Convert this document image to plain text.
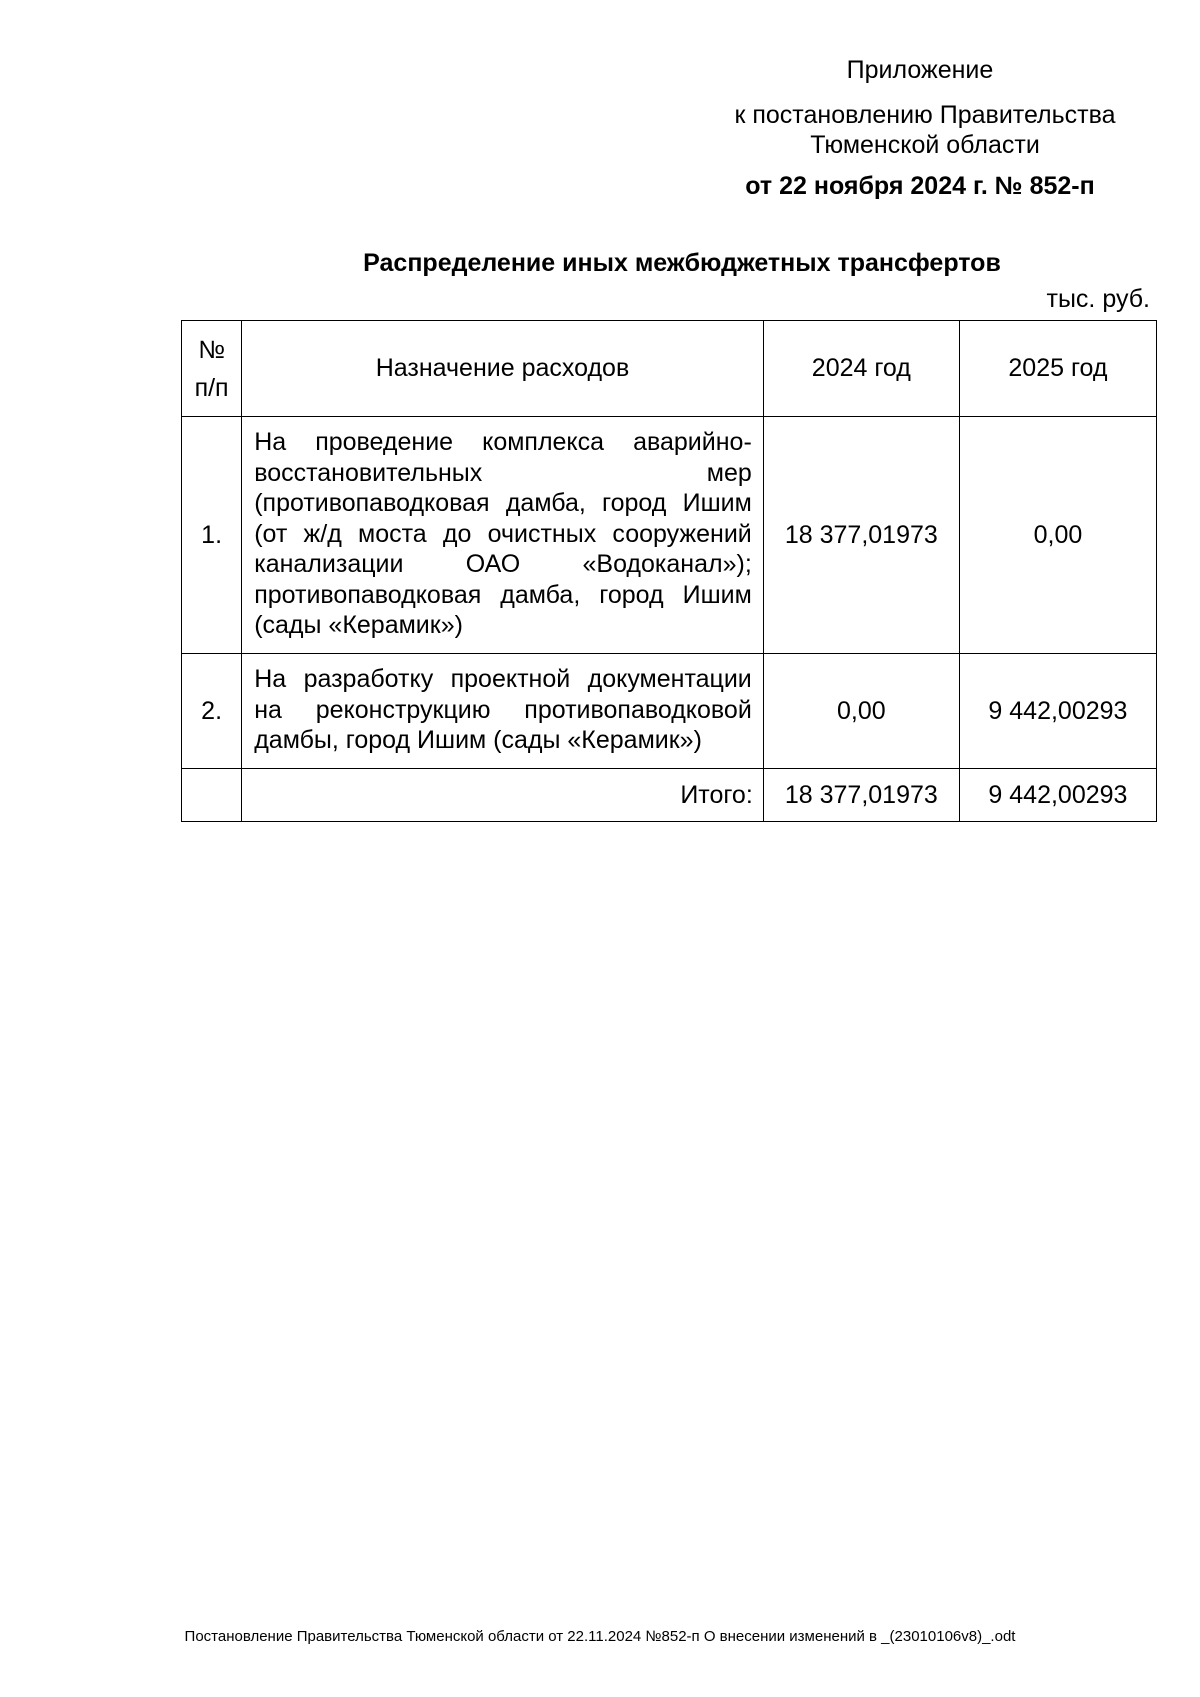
Приложение
к постановлению Правительства
Тюменской области
от 22 ноября 2024 г. № 852-п
Распределение иных межбюджетных трансфертов
тыс. руб.
№
п/п	Назначение расходов	2024 год	2025 год
1.	На проведение комплекса аварийно-восстановительных мер (противопаводковая дамба, город Ишим (от ж/д моста до очистных сооружений канализации ОАО «Водоканал»); противопаводковая дамба, город Ишим (сады «Керамик»)	18 377,01973	0,00
2.	На разработку проектной документации на реконструкцию противопаводковой дамбы, город Ишим (сады «Керамик»)	0,00	9 442,00293
	Итого:	18 377,01973	9 442,00293
Постановление Правительства Тюменской области от 22.11.2024 №852-п О внесении изменений в _(23010106v8)_.odt
